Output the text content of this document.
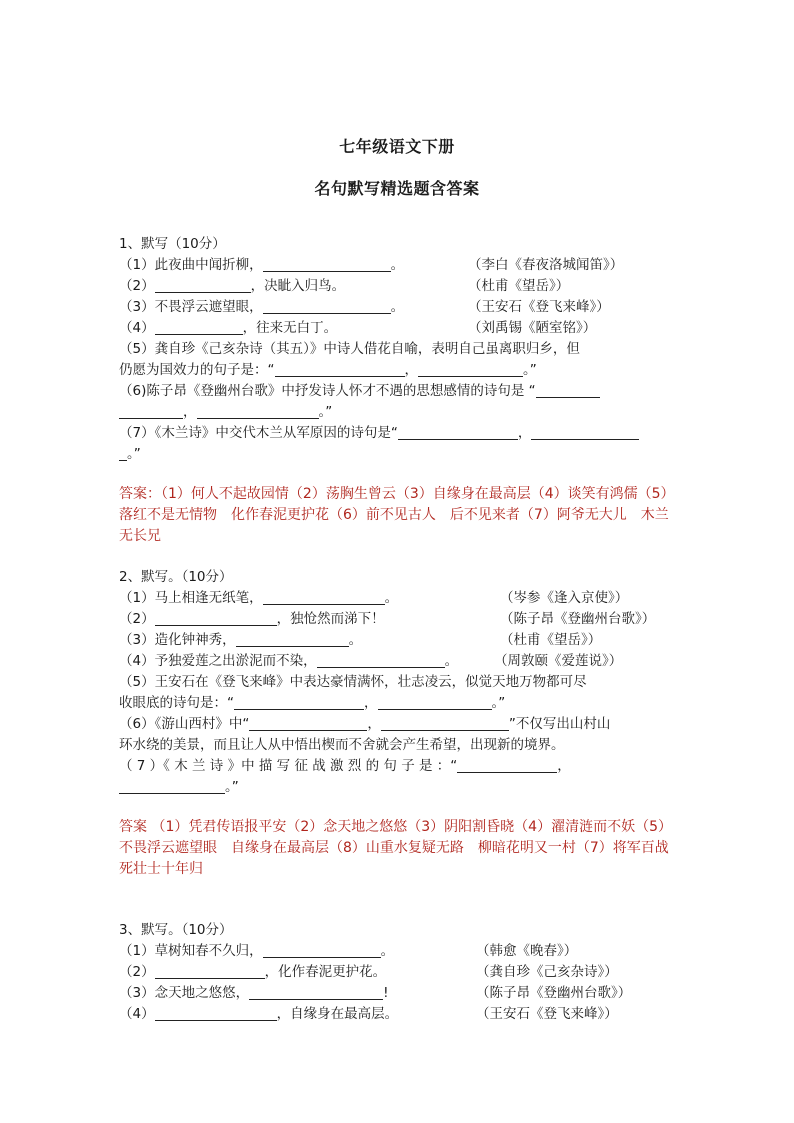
七年级语文下册
名句默写精选题含答案
1、默写（10分）
（1）此夜曲中闻折柳，	。	（李白《春夜洛城闻笛》）
（2）	，决眦入归鸟。	（杜甫《望岳》）
（3）不畏浮云遮望眼，	。	（王安石《登飞来峰》）
（4）	，往来无白丁。	（刘禹锡《陋室铭》）
（5）龚自珍《己亥杂诗（其五）》中诗人借花自喻，表明自己虽离职归乡，但
仍愿为国效力的句子是：“	，	。”
（6)陈子昂《登幽州台歌》中抒发诗人怀才不遇的思想感情的诗句是 “
，	。”
（7）《木兰诗》中交代木兰从军原因的诗句是“	，
。”
答案：（1）何人不起故园情（2）荡胸生曾云（3）自缘身在最高层（4）谈笑有鸿儒（5）落红不是无情物　化作春泥更护花（6）前不见古人　后不见来者（7）阿爷无大儿　木兰无长兄
2、默写。（10分）
（1）马上相逢无纸笔，	。	（岑参《逢入京使》）
（2）	，独怆然而涕下！	（陈子昂《登幽州台歌》）
（3）造化钟神秀，	。	（杜甫《望岳》）
（4）予独爱莲之出淤泥而不染，	。	（周敦颐《爱莲说》）
（5）王安石在《登飞来峰》中表达豪情满怀，壮志凌云，似觉天地万物都可尽
收眼底的诗句是：“	，	。”
（6）《游山西村》中“	，	”不仅写出山村山
环水绕的美景，而且让人从中悟出楔而不舍就会产生希望，出现新的境界。
（ 7 ）《 木 兰 诗 》中 描 写 征 战 激 烈 的 句 子 是 ：“	，
。”
答案 （1）凭君传语报平安（2）念天地之悠悠（3）阴阳割昏晓（4）濯清涟而不妖（5）不畏浮云遮望眼　自缘身在最高层（8）山重水复疑无路　柳暗花明又一村（7）将军百战死壮士十年归
3、默写。（10分）
（1）草树知春不久归，	。	（韩愈《晚春》）
（2）	，化作春泥更护花。	（龚自珍《己亥杂诗》）
（3）念天地之悠悠，	!	（陈子昂《登幽州台歌》）
（4）	，自缘身在最高层。	（王安石《登飞来峰》）
